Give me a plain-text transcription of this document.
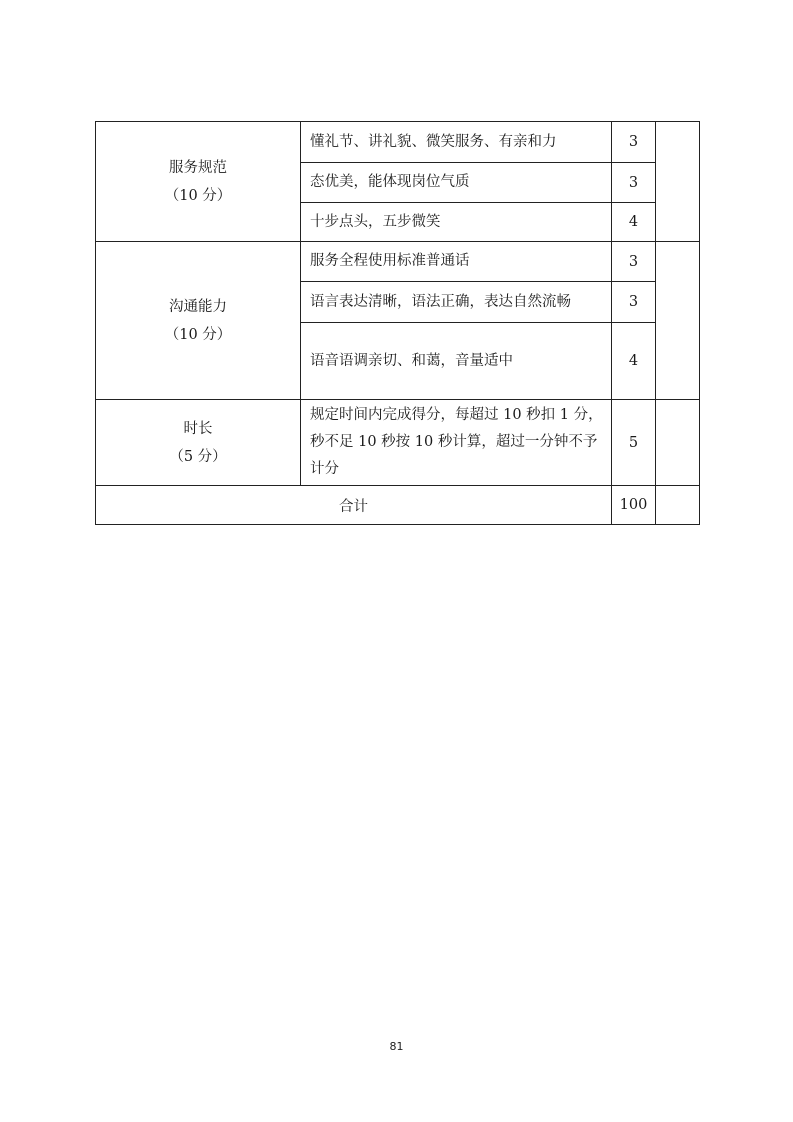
服务规范
（10 分）	懂礼节、讲礼貌、微笑服务、有亲和力	3	
	态优美，能体现岗位气质	3	
	十步点头，五步微笑	4	

沟通能力
（10 分）	服务全程使用标准普通话	3	
	语言表达清晰，语法正确，表达自然流畅	3	
	语音语调亲切、和蔼，音量适中	4	

时长
（5 分）	规定时间内完成得分，每超过 10 秒扣 1 分，
秒不足 10 秒按 10 秒计算，超过一分钟不予
计分	5	
合计		100	
81
